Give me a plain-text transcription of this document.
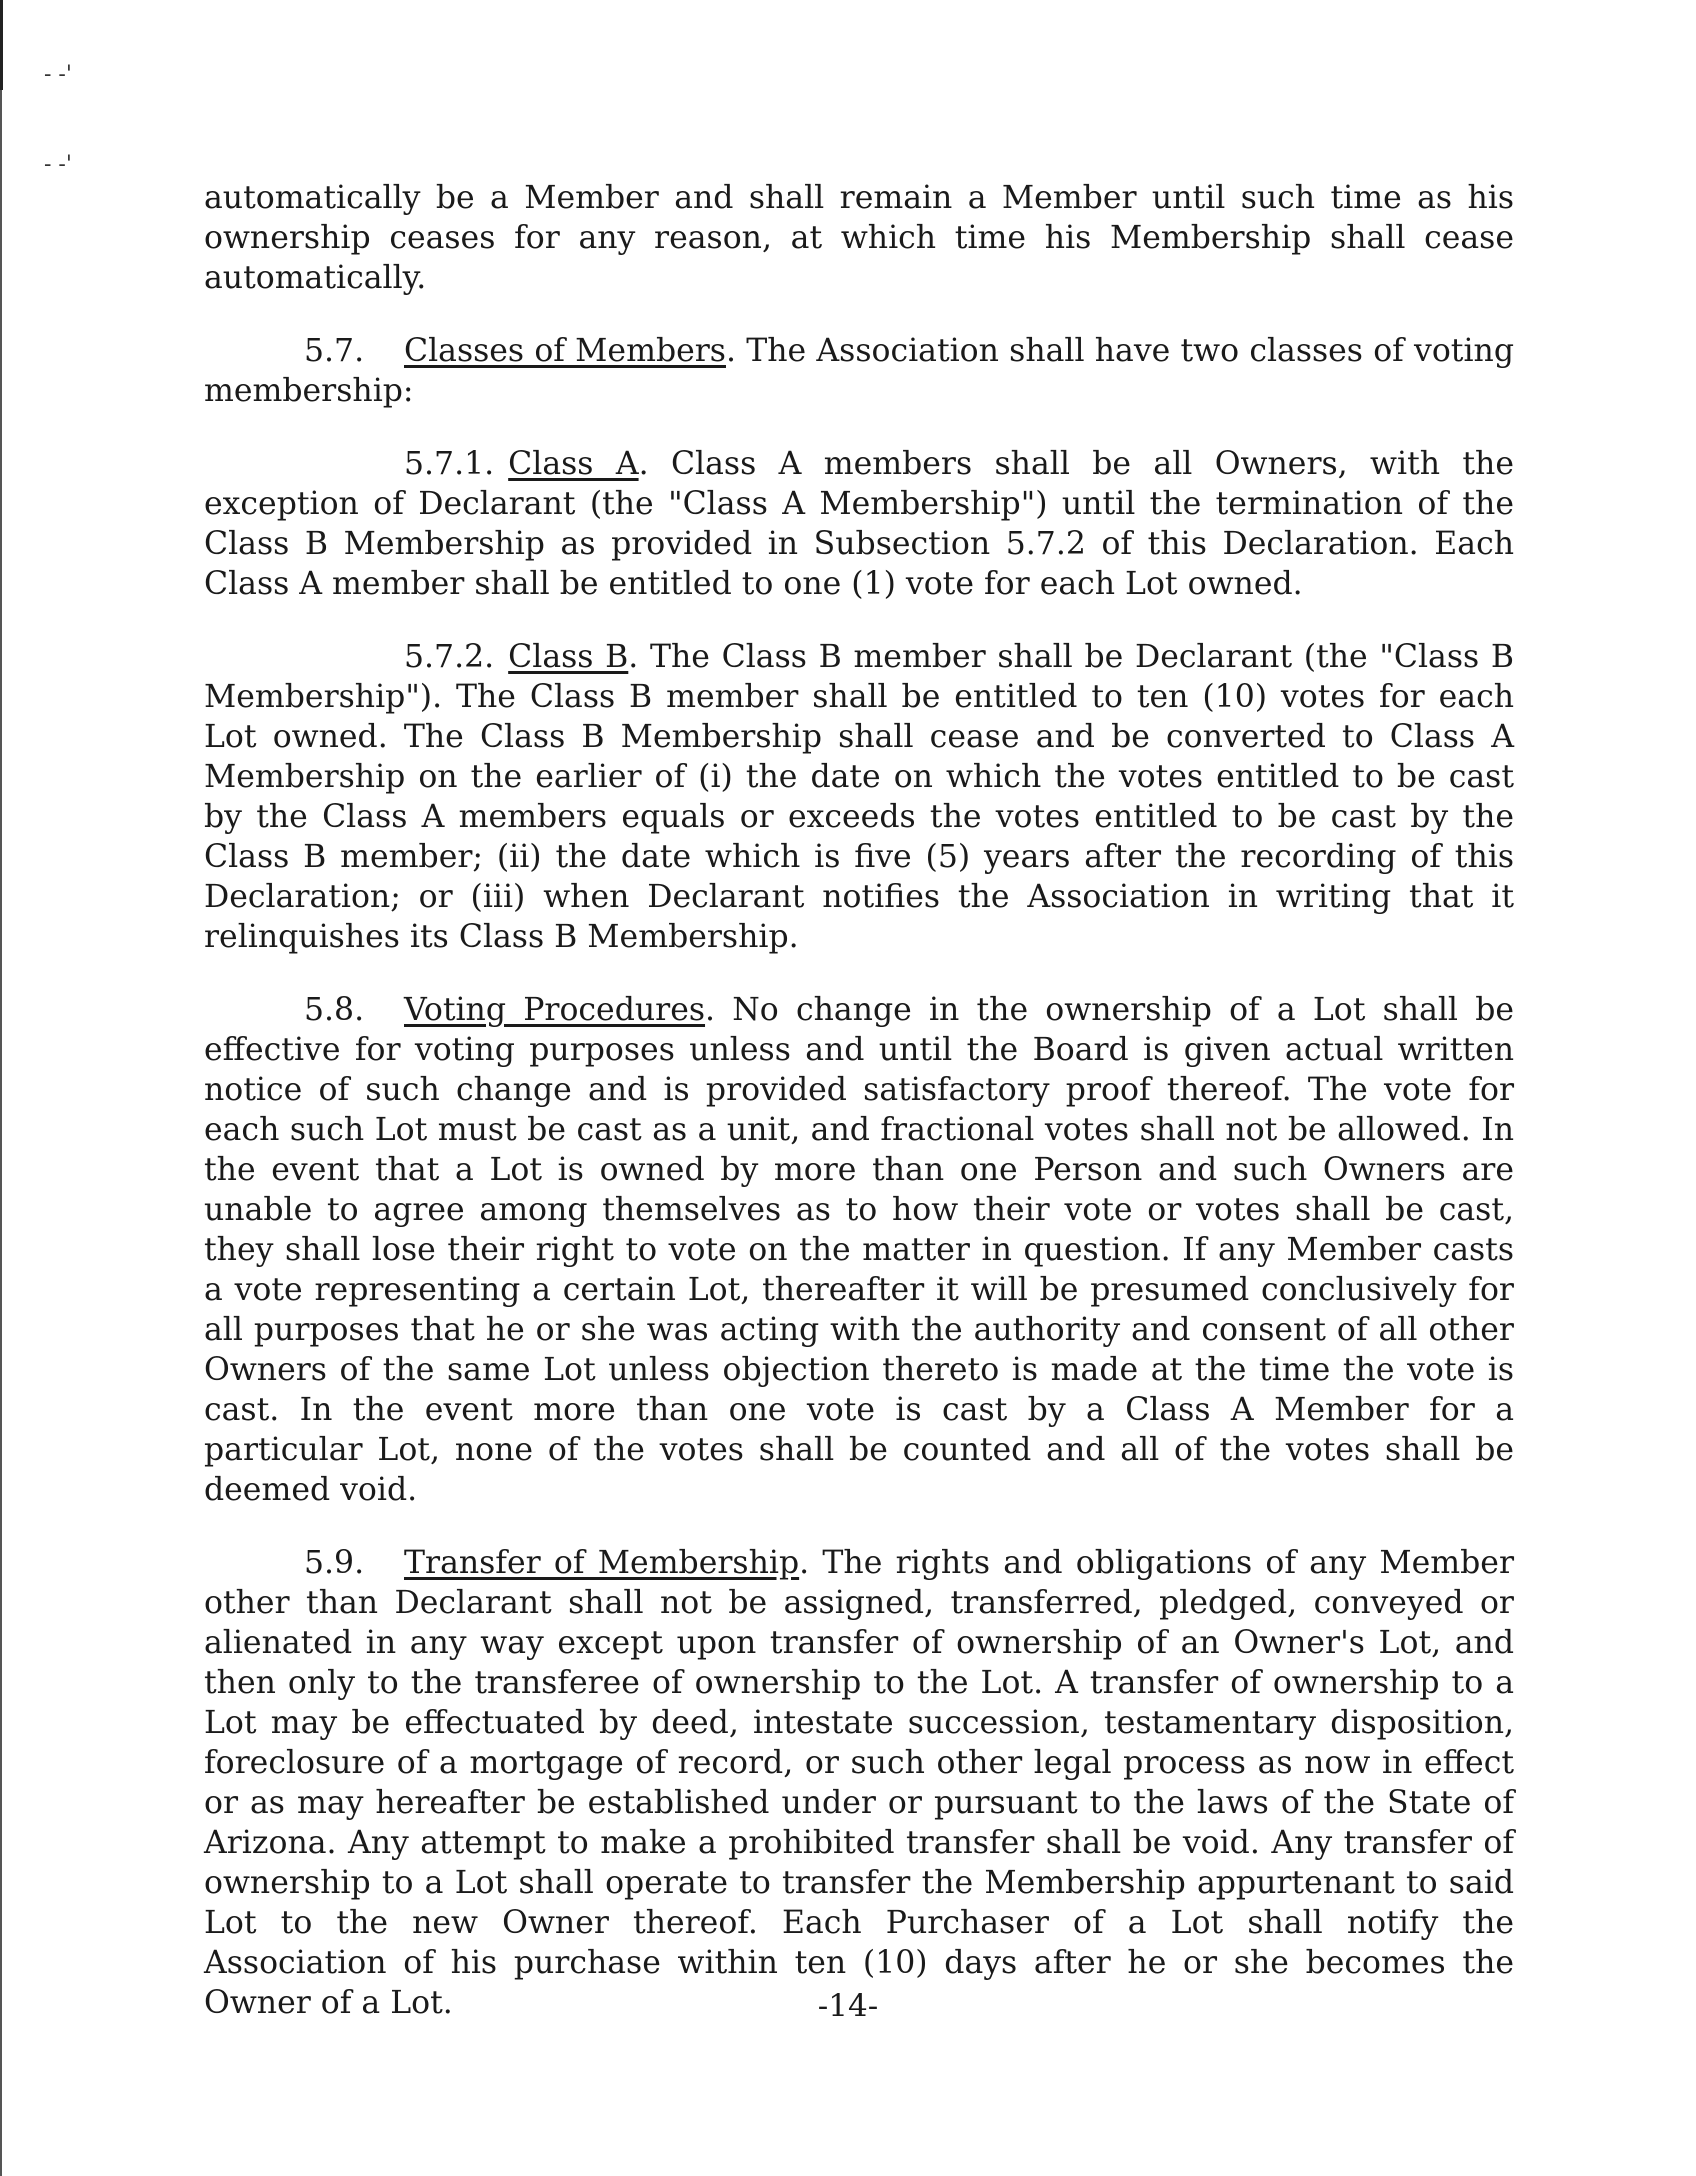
- -'
- -'

automatically be a Member and shall remain a Member until such time as his ownership ceases for any reason, at which time his Membership shall cease automatically.

5.7. Classes of Members. The Association shall have two classes of voting membership:

5.7.1. Class A. Class A members shall be all Owners, with the exception of Declarant (the "Class A Membership") until the termination of the Class B Membership as provided in Subsection 5.7.2 of this Declaration. Each Class A member shall be entitled to one (1) vote for each Lot owned.

5.7.2. Class B. The Class B member shall be Declarant (the "Class B Membership"). The Class B member shall be entitled to ten (10) votes for each Lot owned. The Class B Membership shall cease and be converted to Class A Membership on the earlier of (i) the date on which the votes entitled to be cast by the Class A members equals or exceeds the votes entitled to be cast by the Class B member; (ii) the date which is five (5) years after the recording of this Declaration; or (iii) when Declarant notifies the Association in writing that it relinquishes its Class B Membership.

5.8. Voting Procedures. No change in the ownership of a Lot shall be effective for voting purposes unless and until the Board is given actual written notice of such change and is provided satisfactory proof thereof. The vote for each such Lot must be cast as a unit, and fractional votes shall not be allowed. In the event that a Lot is owned by more than one Person and such Owners are unable to agree among themselves as to how their vote or votes shall be cast, they shall lose their right to vote on the matter in question. If any Member casts a vote representing a certain Lot, thereafter it will be presumed conclusively for all purposes that he or she was acting with the authority and consent of all other Owners of the same Lot unless objection thereto is made at the time the vote is cast. In the event more than one vote is cast by a Class A Member for a particular Lot, none of the votes shall be counted and all of the votes shall be deemed void.

5.9. Transfer of Membership. The rights and obligations of any Member other than Declarant shall not be assigned, transferred, pledged, conveyed or alienated in any way except upon transfer of ownership of an Owner's Lot, and then only to the transferee of ownership to the Lot. A transfer of ownership to a Lot may be effectuated by deed, intestate succession, testamentary disposition, foreclosure of a mortgage of record, or such other legal process as now in effect or as may hereafter be established under or pursuant to the laws of the State of Arizona. Any attempt to make a prohibited transfer shall be void. Any transfer of ownership to a Lot shall operate to transfer the Membership appurtenant to said Lot to the new Owner thereof. Each Purchaser of a Lot shall notify the Association of his purchase within ten (10) days after he or she becomes the Owner of a Lot.	-14-
